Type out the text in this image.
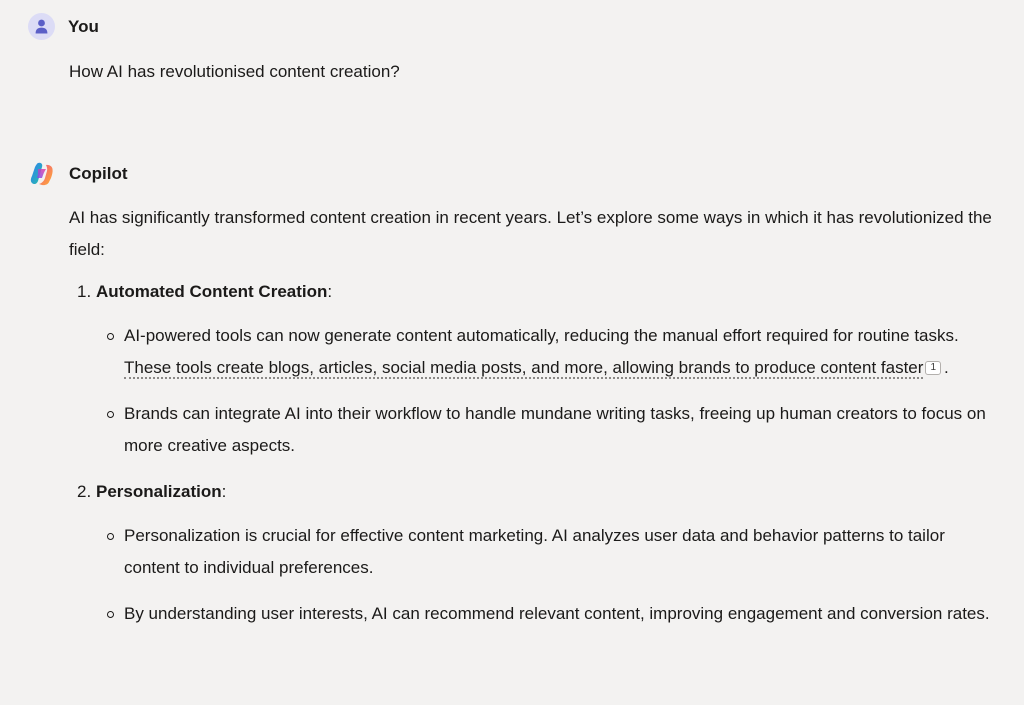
You
How AI has revolutionised content creation?
Copilot

AI has significantly transformed content creation in recent years. Let’s explore some ways in which it has revolutionized the field:

1. Automated Content Creation:
AI-powered tools can now generate content automatically, reducing the manual effort required for routine tasks. These tools create blogs, articles, social media posts, and more, allowing brands to produce content faster 1 .
Brands can integrate AI into their workflow to handle mundane writing tasks, freeing up human creators to focus on more creative aspects.
2. Personalization:
Personalization is crucial for effective content marketing. AI analyzes user data and behavior patterns to tailor content to individual preferences.
By understanding user interests, AI can recommend relevant content, improving engagement and conversion rates.
